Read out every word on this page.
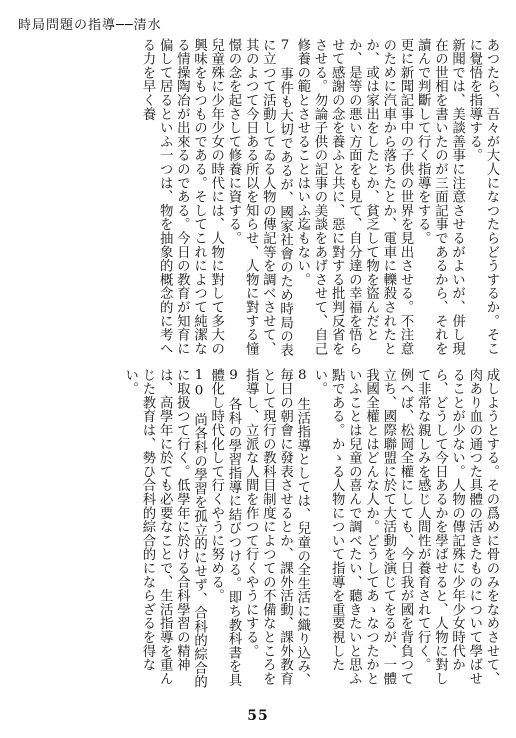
時局問題の指導──清水
あつたら、吾々が大人になつたらどうするか。そこに覺悟を指導する。
新聞では、美談善事に注意させるがよいが、併し現在の世相を書いたのが三面記事であるから、それを讀んで判斷して行く指導をする。
更に新聞記事中の子供の世界を見出させる。不注意のために汽車から落ちたとか、電車に轢殺されたとか、或は家出をしたとか、貧乏して物を盜んだとか、是等の悪い方面をも見て、自分達の幸福を悟らせて感謝の念を養ふと共に、惡に對する批判反省をさせる。勿論子供の記事の美談をあげさせて、自己修養の範とさせることはいふ迄もない。
7　事件も大切であるが、國家社會のため時局の表に立つて活動してゐる人物の傳記等を調べさせて、其のよつて今日ある所以を知らせ、人物に對する憧憬の念を起さして修養に資する。
兒童殊に少年少女の時代には、人物に對して多大の興味をもつものである。そしてこれによつて純潔なる情操陶冶が出來るのである。今日の教育が知育に偏して居るといふ一つは、物を抽象的概念的に考へる力を早く養
成しようとする。その爲めに骨のみをなめさせて、肉あり血の通つた具體の活きたものについて學ばせることが少ない。人物の傳記殊に少年少女時代から、どうして今日あるかを學ばせると、人物に對して非常な親しみを感じ人間性が養育されて行く。
例へば、松岡全權にしても、今日我が國を背負つて立ち、國際聯盟に於て大活動を演じてをるが、一體我國全權とはどんな人か。どうしてあゝなつたかといふことは兒童の喜んで調べたい、聽きたいと思ふ點である。かゝる人物について指導を重要視したい。
8　生活指導としては、兒童の全生活に織り込み、毎日の朝會に發表させるとか、課外活動、課外教育として現行の教科目制度によつての不備なところを指導し、立派な人間を作つて行くやうにする。
9　各科の學習指導に結びつける。即ち教科書を具體化し時代化して行くやうに努める。
10　尚各科の學習を孤立的にせず、合科的綜合的に取扱つて行く。低學年に於ける合科學習の精神は、高學年に於ても必要なことで、生活指導を重んじた教育は、勢ひ合科的綜合的にならざるを得ない。
55
